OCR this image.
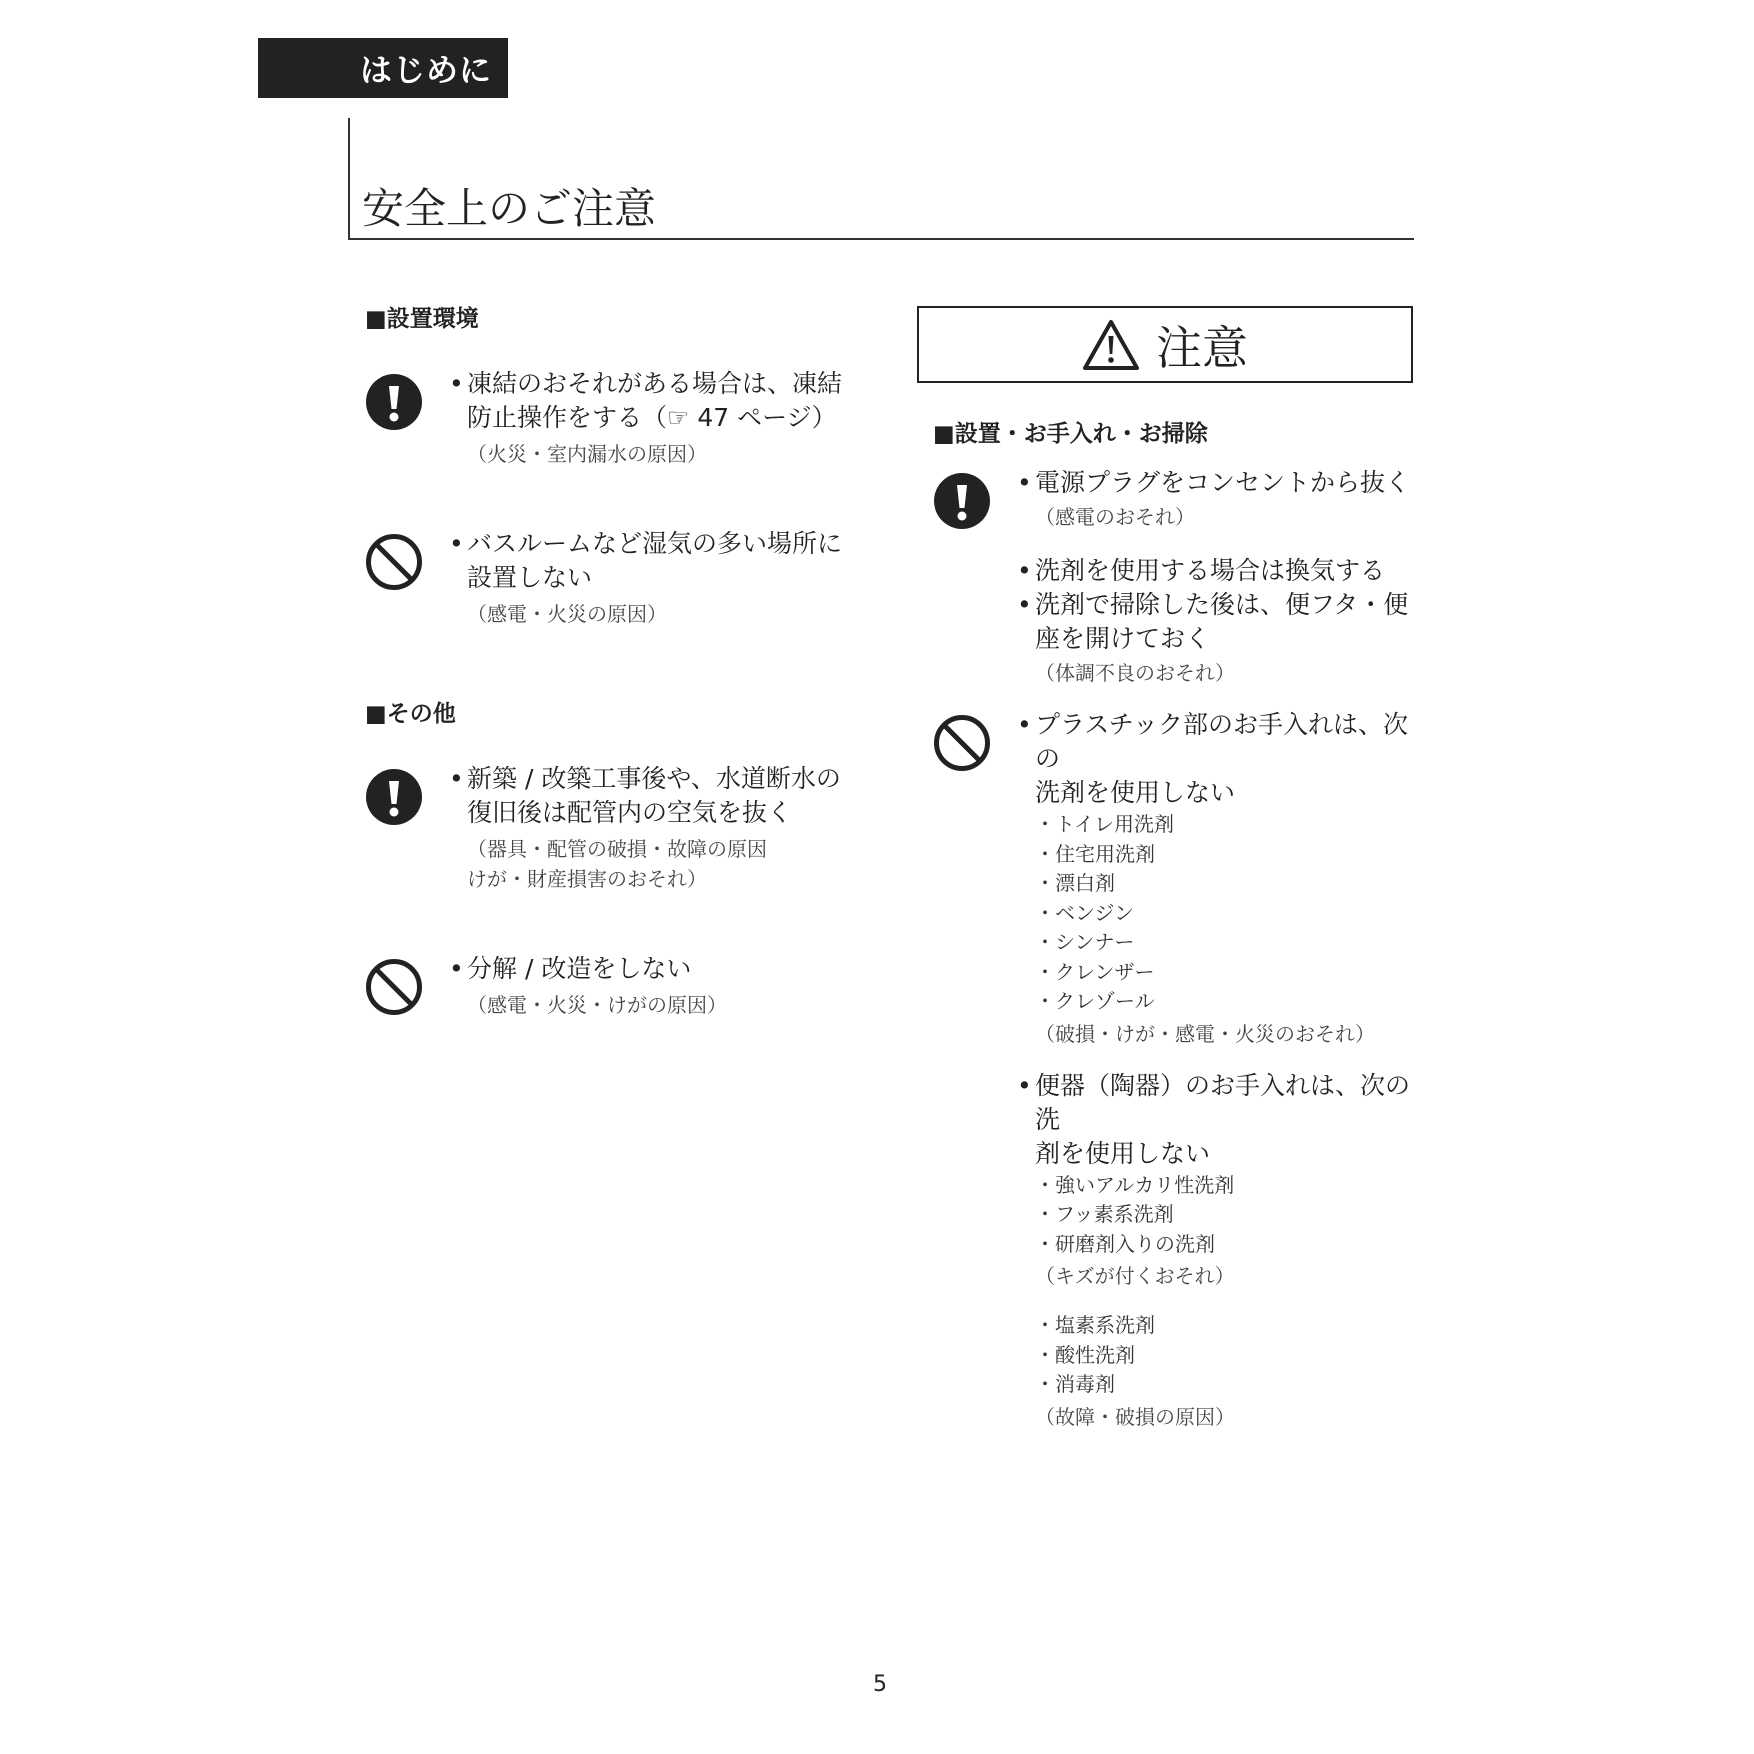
はじめに
安全上のご注意
■設置環境
• 凍結のおそれがある場合は、凍結
防止操作をする（☞ 47 ページ）
（火災・室内漏水の原因）
• バスルームなど湿気の多い場所に
設置しない
（感電・火災の原因）
■その他
• 新築 / 改築工事後や、水道断水の
復旧後は配管内の空気を抜く
（器具・配管の破損・故障の原因
けが・財産損害のおそれ）
• 分解 / 改造をしない
（感電・火災・けがの原因）
注意
■設置・お手入れ・お掃除
• 電源プラグをコンセントから抜く
（感電のおそれ）
• 洗剤を使用する場合は換気する
• 洗剤で掃除した後は、便フタ・便
座を開けておく
（体調不良のおそれ）
• プラスチック部のお手入れは、次の
洗剤を使用しない
・トイレ用洗剤
・住宅用洗剤
・漂白剤
・ベンジン
・シンナー
・クレンザー
・クレゾール
（破損・けが・感電・火災のおそれ）
• 便器（陶器）のお手入れは、次の洗
剤を使用しない
・強いアルカリ性洗剤
・フッ素系洗剤
・研磨剤入りの洗剤
（キズが付くおそれ）
・塩素系洗剤
・酸性洗剤
・消毒剤
（故障・破損の原因）
5
